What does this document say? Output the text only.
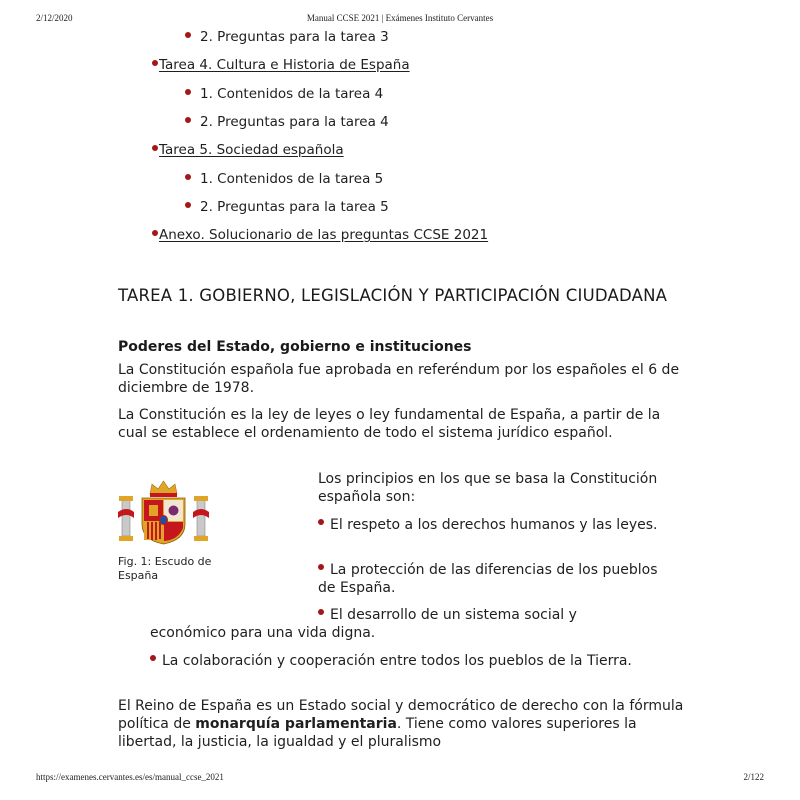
2/12/2020	Manual CCSE 2021 | Exámenes Instituto Cervantes
2. Preguntas para la tarea 3
Tarea 4. Cultura e Historia de España
1. Contenidos de la tarea 4
2. Preguntas para la tarea 4
Tarea 5. Sociedad española
1. Contenidos de la tarea 5
2. Preguntas para la tarea 5
Anexo. Solucionario de las preguntas CCSE 2021
TAREA 1. GOBIERNO, LEGISLACIÓN Y PARTICIPACIÓN CIUDADANA
Poderes del Estado, gobierno e instituciones
La Constitución española fue aprobada en referéndum por los españoles el 6 de diciembre de 1978.
La Constitución es la ley de leyes o ley fundamental de España, a partir de la cual se establece el ordenamiento de todo el sistema jurídico español.
Fig. 1: Escudo de España
Los principios en los que se basa la Constitución española son:
El respeto a los derechos humanos y las leyes.
La protección de las diferencias de los pueblos de España.
El desarrollo de un sistema social y económico para una vida digna.
La colaboración y cooperación entre todos los pueblos de la Tierra.
El Reino de España es un Estado social y democrático de derecho con la fórmula política de monarquía parlamentaria. Tiene como valores superiores la libertad, la justicia, la igualdad y el pluralismo
https://examenes.cervantes.es/es/manual_ccse_2021	2/122
